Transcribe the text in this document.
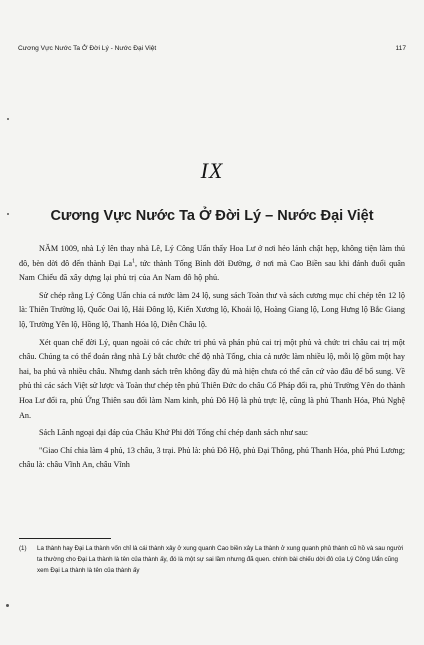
Cương Vực Nước Ta Ở Đời Lý - Nước Đại Việt	117
IX
Cương Vực Nước Ta Ở Đời Lý – Nước Đại Việt

NĂM 1009, nhà Lý lên thay nhà Lê, Lý Công Uẩn thấy Hoa Lư ở nơi hẻo lánh chật hẹp, không tiện làm thủ đô, bèn dời đô đến thành Đại La$^1$, tức thành Tống Bình đời Đường, ở nơi mà Cao Biền sau khi đánh đuổi quân Nam Chiếu đã xây dựng lại phủ trị của An Nam đô hộ phủ.

Sử chép rằng Lý Công Uẩn chia cả nước làm 24 lộ, sung sách Toàn thư và sách cương mục chỉ chép tên 12 lộ là: Thiên Trường lộ, Quốc Oai lộ, Hải Đông lộ, Kiến Xương lộ, Khoái lộ, Hoàng Giang lộ, Long Hưng lộ Bắc Giang lộ, Trường Yên lộ, Hồng lộ, Thanh Hóa lộ, Diễn Châu lộ.

Xét quan chế đời Lý, quan ngoài có các chức tri phủ và phán phủ cai trị một phủ và chức tri châu cai trị một châu. Chúng ta có thể đoán rằng nhà Lý bắt chước chế độ nhà Tống, chia cả nước làm nhiều lộ, mỗi lộ gồm một hay hai, ba phủ và nhiều châu. Nhưng danh sách trên không đầy đủ mà hiện chưa có thể căn cứ vào đâu để bổ sung. Về phủ thì các sách Việt sử lược và Toàn thư chép tên phủ Thiên Đức do châu Cổ Pháp đổi ra, phủ Trường Yên do thành Hoa Lư đổi ra, phủ Ứng Thiên sau đổi làm Nam kinh, phủ Đô Hộ là phủ trực lệ, cũng là phủ Thanh Hóa, Phủ Nghệ An.

Sách Lãnh ngoại đại đáp của Châu Khứ Phi đời Tống chỉ chép danh sách như sau:

"Giao Chỉ chia làm 4 phủ, 13 châu, 3 trại. Phủ là: phủ Đô Hộ, phủ Đại Thông, phủ Thanh Hóa, phủ Phú Lương; châu là: châu Vĩnh An, châu Vĩnh

(1)	La thành hay Đại La thành vốn chỉ là cái thành xây ở xung quanh Cao biền xây La thành ở xung quanh phủ thành cũ hồ và sau người ta thường cho Đại La thành là tên của thành ấy, đó là một sự sai lầm nhưng đã quen. chính bài chiếu dời đô của Lý Công Uẩn cũng xem Đại La thành là tên của thành ấy
